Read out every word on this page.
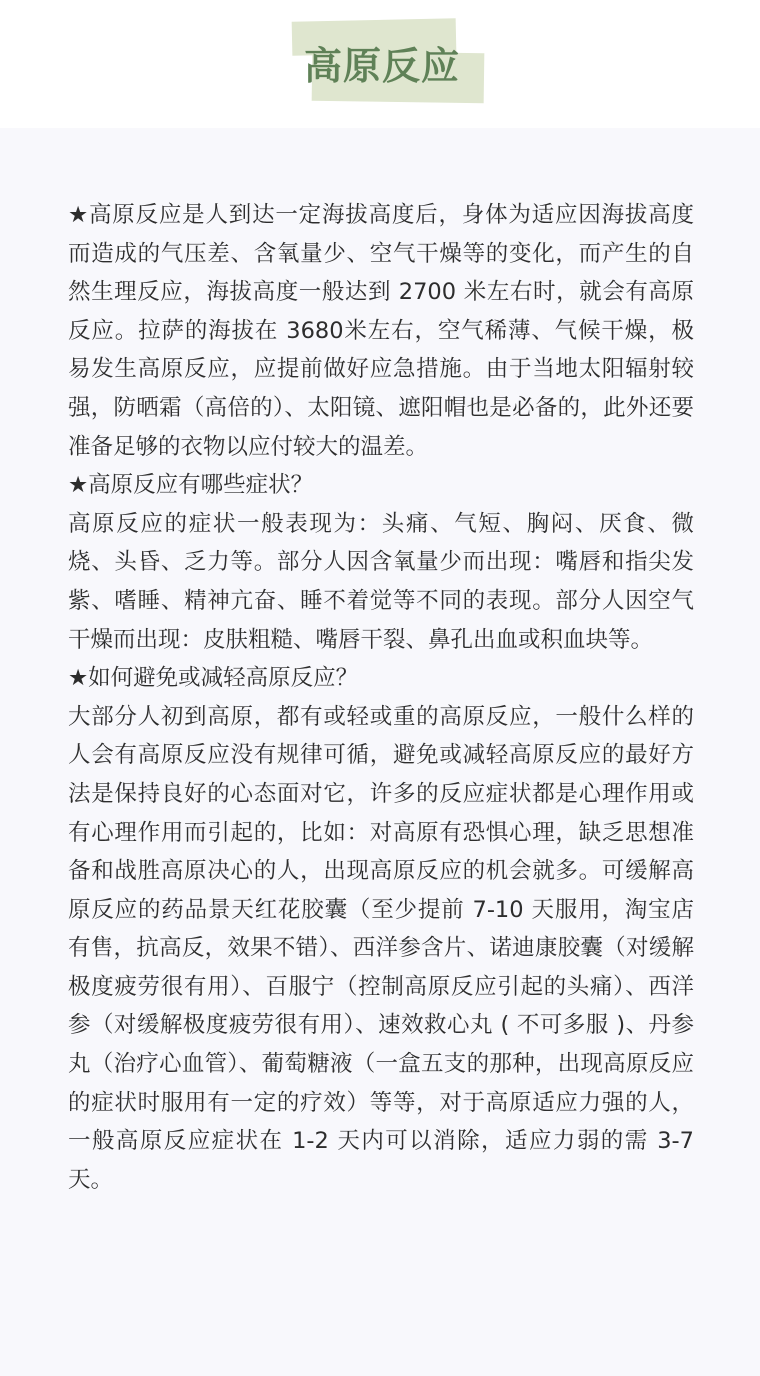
高原反应

★高原反应是人到达一定海拔高度后，身体为适应因海拔高度而造成的气压差、含氧量少、空气干燥等的变化，而产生的自然生理反应，海拔高度一般达到 2700 米左右时，就会有高原反应。拉萨的海拔在 3680米左右，空气稀薄、气候干燥，极易发生高原反应，应提前做好应急措施。由于当地太阳辐射较强，防晒霜（高倍的）、太阳镜、遮阳帽也是必备的，此外还要准备足够的衣物以应付较大的温差。

★高原反应有哪些症状？

高原反应的症状一般表现为：头痛、气短、胸闷、厌食、微烧、头昏、乏力等。部分人因含氧量少而出现：嘴唇和指尖发紫、嗜睡、精神亢奋、睡不着觉等不同的表现。部分人因空气干燥而出现：皮肤粗糙、嘴唇干裂、鼻孔出血或积血块等。

★如何避免或减轻高原反应？

大部分人初到高原，都有或轻或重的高原反应，一般什么样的人会有高原反应没有规律可循，避免或减轻高原反应的最好方法是保持良好的心态面对它，许多的反应症状都是心理作用或有心理作用而引起的，比如：对高原有恐惧心理，缺乏思想准备和战胜高原决心的人，出现高原反应的机会就多。可缓解高原反应的药品景天红花胶囊（至少提前 7-10 天服用，淘宝店有售，抗高反，效果不错）、西洋参含片、诺迪康胶囊（对缓解极度疲劳很有用）、百服宁（控制高原反应引起的头痛）、西洋参（对缓解极度疲劳很有用）、速效救心丸 ( 不可多服 )、丹参丸（治疗心血管）、葡萄糖液（一盒五支的那种，出现高原反应的症状时服用有一定的疗效）等等，对于高原适应力强的人，一般高原反应症状在 1-2 天内可以消除，适应力弱的需 3-7 天。
